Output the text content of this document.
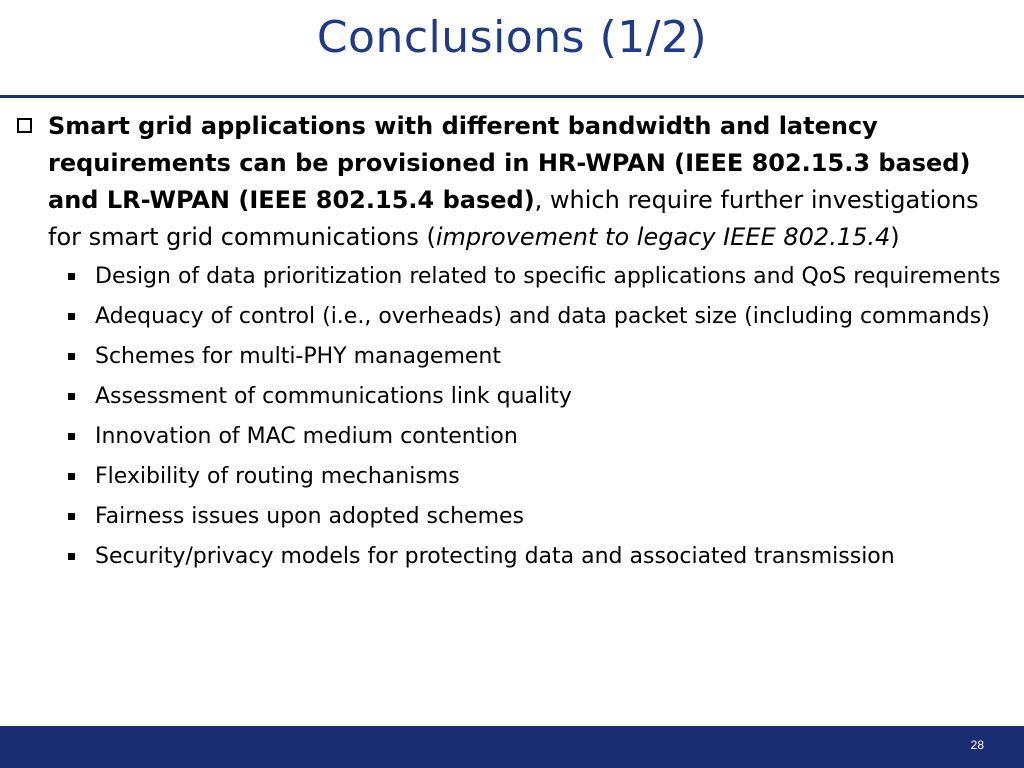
Conclusions (1/2)
Smart grid applications with different bandwidth and latency requirements can be provisioned in HR-WPAN (IEEE 802.15.3 based) and LR-WPAN (IEEE 802.15.4 based), which require further investigations for smart grid communications (improvement to legacy IEEE 802.15.4)
Design of data prioritization related to specific applications and QoS requirements
Adequacy of control (i.e., overheads) and data packet size (including commands)
Schemes for multi-PHY management
Assessment of communications link quality
Innovation of MAC medium contention
Flexibility of routing mechanisms
Fairness issues upon adopted schemes
Security/privacy models for protecting data and associated transmission
28
